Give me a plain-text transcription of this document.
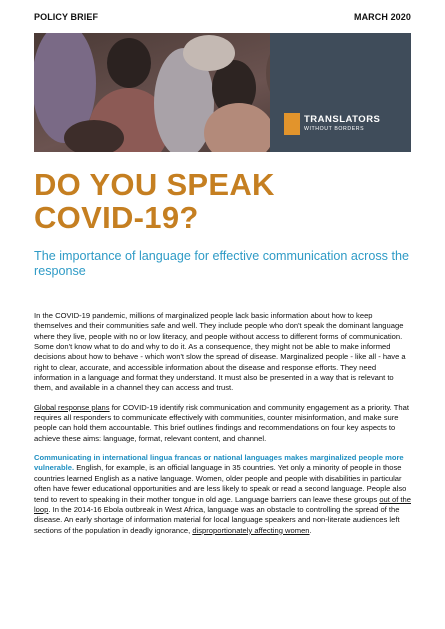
POLICY BRIEF	MARCH 2020
TRANSLATORS
WITHOUT BORDERS
DO YOU SPEAK
COVID-19?
The importance of language for effective communication across the response

In the COVID-19 pandemic, millions of marginalized people lack basic information about how to keep themselves and their communities safe and well. They include people who don't speak the dominant language where they live, people with no or low literacy, and people without access to different forms of communication. Some don't know what to do and why to do it. As a consequence, they might not be able to make informed decisions about how to behave - which won't slow the spread of disease. Marginalized people - like all - have a right to clear, accurate, and accessible information about the disease and response efforts. They need information in a language and format they understand. It must also be presented in a way that is relevant to them, and available in a channel they can access and trust.

Global response plans for COVID-19 identify risk communication and community engagement as a priority. That requires all responders to communicate effectively with communities, counter misinformation, and make sure people can hold them accountable. This brief outlines findings and recommendations on four key aspects to achieve these aims: language, format, relevant content, and channel.

Communicating in international lingua francas or national languages makes marginalized people more vulnerable. English, for example, is an official language in 35 countries. Yet only a minority of people in those countries learned English as a native language. Women, older people and people with disabilities in particular often have fewer educational opportunities and are less likely to speak or read a second language. People also tend to revert to speaking in their mother tongue in old age. Language barriers can leave these groups out of the loop. In the 2014-16 Ebola outbreak in West Africa, language was an obstacle to controlling the spread of the disease. An early shortage of information material for local language speakers and non-literate audiences left sections of the population in deadly ignorance, disproportionately affecting women.
